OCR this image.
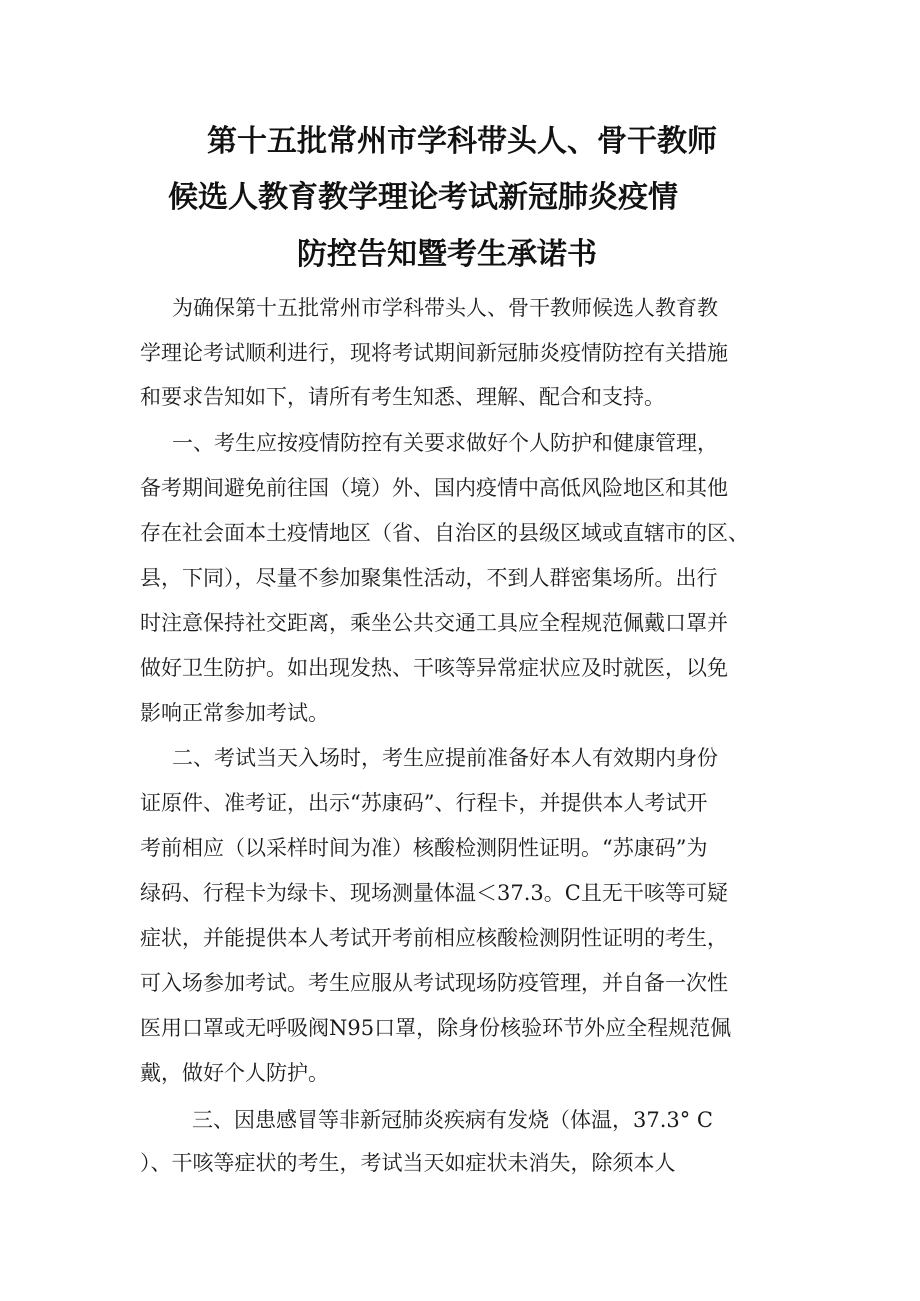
第十五批常州市学科带头人、骨干教师
候选人教育教学理论考试新冠肺炎疫情
防控告知暨考生承诺书
为确保第十五批常州市学科带头人、骨干教师候选人教育教
学理论考试顺利进行，现将考试期间新冠肺炎疫情防控有关措施
和要求告知如下，请所有考生知悉、理解、配合和支持。
一、考生应按疫情防控有关要求做好个人防护和健康管理，
备考期间避免前往国（境）外、国内疫情中高低风险地区和其他
存在社会面本土疫情地区（省、自治区的县级区域或直辖市的区、
县，下同），尽量不参加聚集性活动，不到人群密集场所。出行
时注意保持社交距离，乘坐公共交通工具应全程规范佩戴口罩并
做好卫生防护。如出现发热、干咳等异常症状应及时就医，以免
影响正常参加考试。
二、考试当天入场时，考生应提前准备好本人有效期内身份
证原件、准考证，出示“苏康码”、行程卡，并提供本人考试开
考前相应（以采样时间为准）核酸检测阴性证明。“苏康码”为
绿码、行程卡为绿卡、现场测量体温＜37.3。C且无干咳等可疑
症状，并能提供本人考试开考前相应核酸检测阴性证明的考生，
可入场参加考试。考生应服从考试现场防疫管理，并自备一次性
医用口罩或无呼吸阀N95口罩，除身份核验环节外应全程规范佩
戴，做好个人防护。
三、因患感冒等非新冠肺炎疾病有发烧（体温，37.3° C
）、干咳等症状的考生，考试当天如症状未消失，除须本人
